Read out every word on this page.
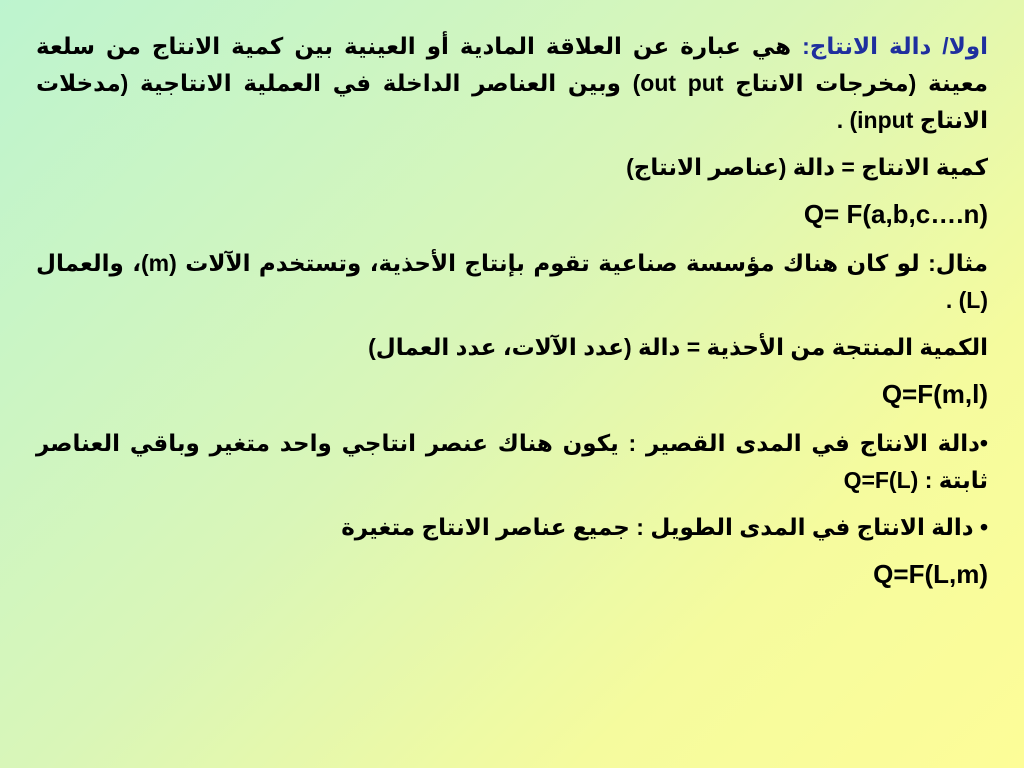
اولا/ دالة الانتاج: هي عبارة عن العلاقة المادية أو العينية بين كمية الانتاج من سلعة معينة (مخرجات الانتاج out put) وبين العناصر الداخلة في العملية الانتاجية (مدخلات الانتاج input) .

كمية الانتاج = دالة (عناصر الانتاج)

Q= F(a,b,c….n)

مثال: لو كان هناك مؤسسة صناعية تقوم بإنتاج الأحذية، وتستخدم الآلات (m)، والعمال (L) .

الكمية المنتجة من الأحذية = دالة (عدد الآلات، عدد العمال)

Q=F(m,l)

•دالة الانتاج في المدى القصير : يكون هناك عنصر انتاجي واحد متغير وباقي العناصر ثابتة : Q=F(L)

• دالة الانتاج في المدى الطويل : جميع عناصر الانتاج متغيرة

Q=F(L,m)
